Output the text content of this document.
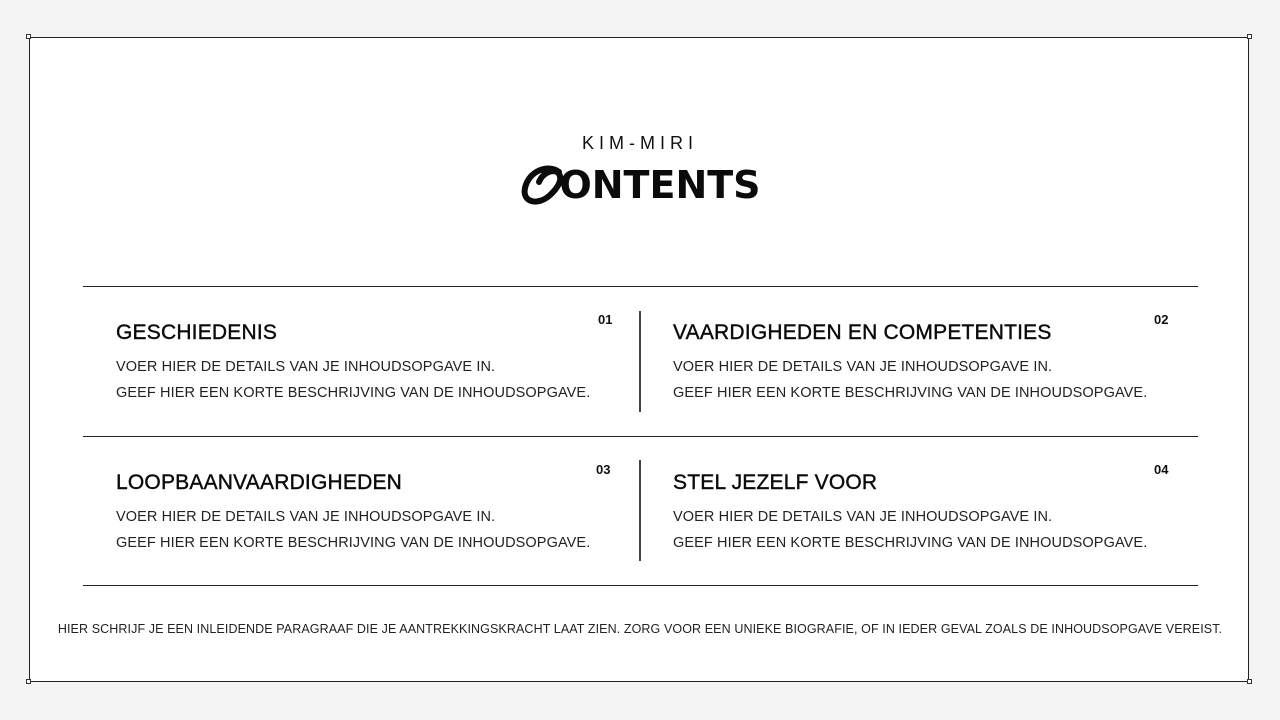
KIM-MIRI
ONTENTS
01	02
03	04
GESCHIEDENIS
VOER HIER DE DETAILS VAN JE INHOUDSOPGAVE IN.
GEEF HIER EEN KORTE BESCHRIJVING VAN DE INHOUDSOPGAVE.
VAARDIGHEDEN EN COMPETENTIES
VOER HIER DE DETAILS VAN JE INHOUDSOPGAVE IN.
GEEF HIER EEN KORTE BESCHRIJVING VAN DE INHOUDSOPGAVE.
LOOPBAANVAARDIGHEDEN
VOER HIER DE DETAILS VAN JE INHOUDSOPGAVE IN.
GEEF HIER EEN KORTE BESCHRIJVING VAN DE INHOUDSOPGAVE.
STEL JEZELF VOOR
VOER HIER DE DETAILS VAN JE INHOUDSOPGAVE IN.
GEEF HIER EEN KORTE BESCHRIJVING VAN DE INHOUDSOPGAVE.
HIER SCHRIJF JE EEN INLEIDENDE PARAGRAAF DIE JE AANTREKKINGSKRACHT LAAT ZIEN. ZORG VOOR EEN UNIEKE BIOGRAFIE, OF IN IEDER GEVAL ZOALS DE INHOUDSOPGAVE VEREIST.
